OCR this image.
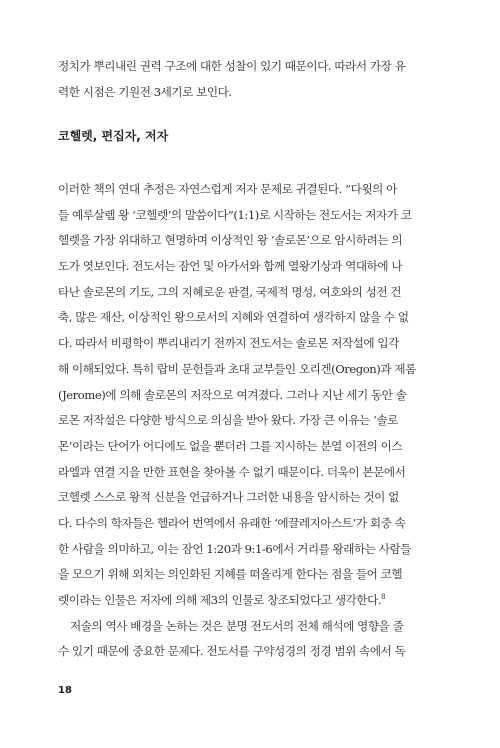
정치가 뿌리내린 권력 구조에 대한 성찰이 있기 때문이다. 따라서 가장 유
력한 시점은 기원전 3세기로 보인다.
코헬렛, 편집자, 저자
이러한 책의 연대 추정은 자연스럽게 저자 문제로 귀결된다. “다윗의 아
들 예루살렘 왕 ‘코헬렛’의 말씀이다”(1:1)로 시작하는 전도서는 저자가 코
헬렛을 가장 위대하고 현명하며 이상적인 왕 ‘솔로몬’으로 암시하려는 의
도가 엿보인다. 전도서는 잠언 및 아가서와 함께 열왕기상과 역대하에 나
타난 솔로몬의 기도, 그의 지혜로운 판결, 국제적 명성, 여호와의 성전 건
축, 많은 재산, 이상적인 왕으로서의 지혜와 연결하여 생각하지 않을 수 없
다. 따라서 비평학이 뿌리내리기 전까지 전도서는 솔로몬 저작설에 입각
해 이해되었다. 특히 랍비 문헌들과 초대 교부들인 오리겐(Oregon)과 제롬
(Jerome)에 의해 솔로몬의 저작으로 여겨졌다. 그러나 지난 세기 동안 솔
로몬 저작설은 다양한 방식으로 의심을 받아 왔다. 가장 큰 이유는 ‘솔로
몬’이라는 단어가 어디에도 없을 뿐더러 그를 지시하는 분열 이전의 이스
라엘과 연결 지을 만한 표현을 찾아볼 수 없기 때문이다. 더욱이 본문에서
코헬렛 스스로 왕적 신분을 언급하거나 그러한 내용을 암시하는 것이 없
다. 다수의 학자들은 헬라어 번역에서 유래한 ‘에끌레지아스트’가 회중 속
한 사람을 의미하고, 이는 잠언 1:20과 9:1-6에서 거리를 왕래하는 사람들
을 모으기 위해 외치는 의인화된 지혜를 떠올리게 한다는 점을 들어 코헬
렛이라는 인물은 저자에 의해 제3의 인물로 창조되었다고 생각한다.$^8$
저술의 역사 배경을 논하는 것은 분명 전도서의 전체 해석에 영향을 줄
수 있기 때문에 중요한 문제다. 전도서를 구약성경의 정경 범위 속에서 독
18
